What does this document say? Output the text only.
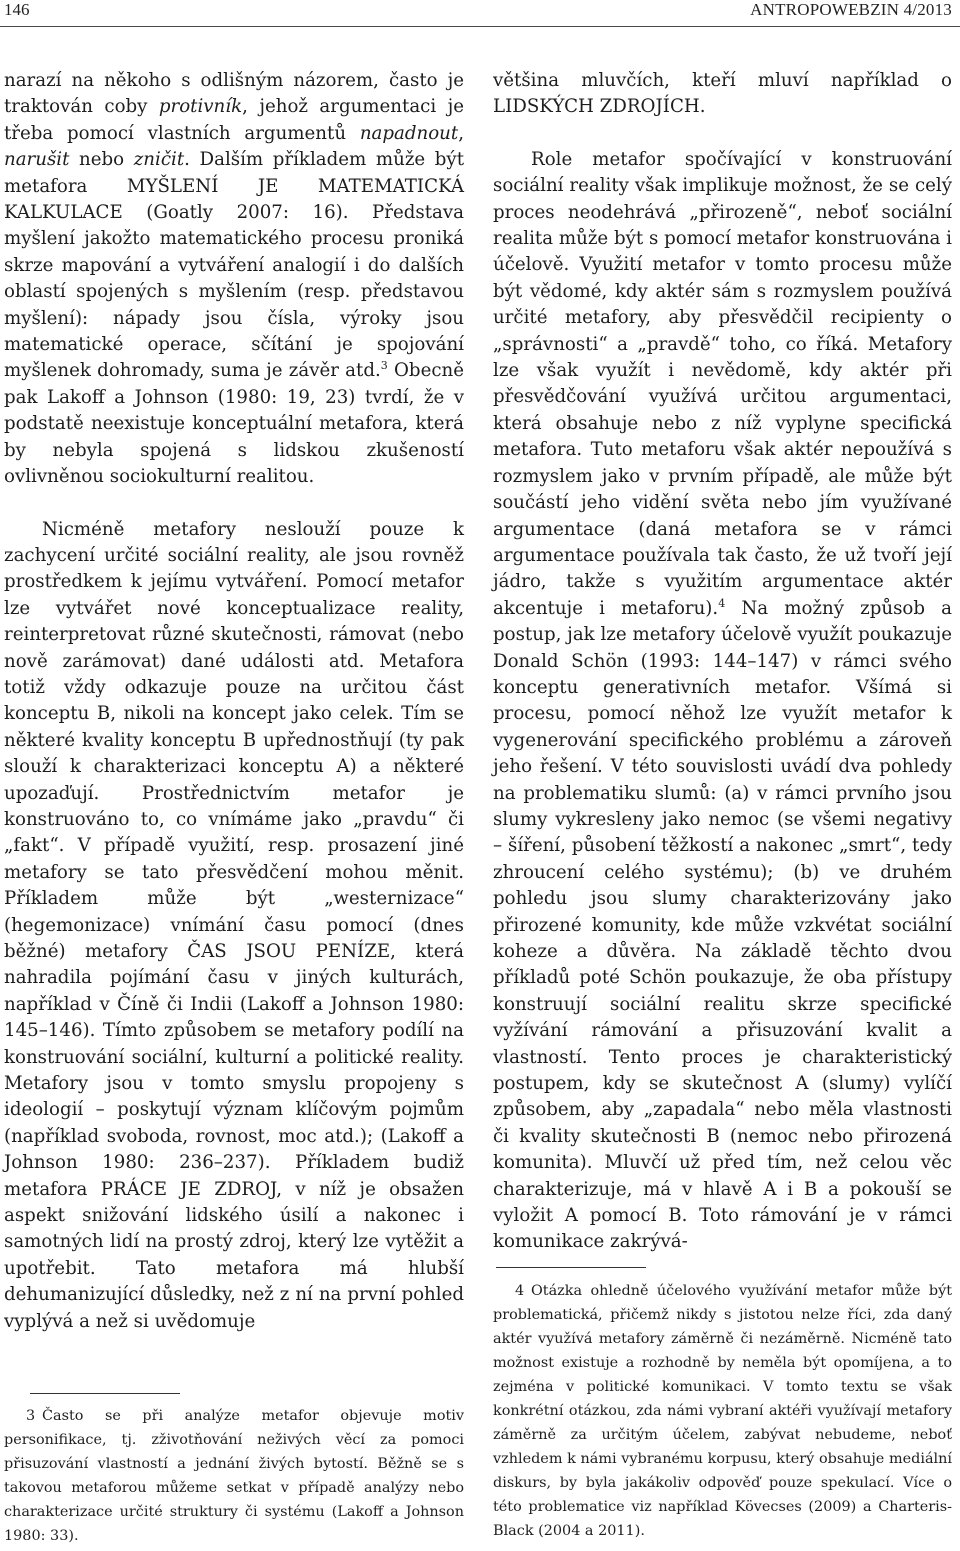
146	ANTROPOWEBZIN 4/2013

narazí na někoho s odlišným názorem, často je traktován coby protivník, jehož argumentaci je třeba pomocí vlastních argumentů napadnout, narušit nebo zničit. Dalším příkladem může být metafora MYŠLENÍ JE MATEMATICKÁ KALKULACE (Goatly 2007: 16). Představa myšlení jakožto matematického procesu proniká skrze mapování a vytváření analogií i do dalších oblastí spojených s myšlením (resp. představou myšlení): nápady jsou čísla, výroky jsou matematické operace, sčítání je spojování myšlenek dohromady, suma je závěr atd.$^3$ Obecně pak Lakoff a Johnson (1980: 19, 23) tvrdí, že v podstatě neexistuje konceptuální metafora, která by nebyla spojená s lidskou zkušeností ovlivněnou sociokulturní realitou.

Nicméně metafory neslouží pouze k zachycení určité sociální reality, ale jsou rovněž prostředkem k jejímu vytváření. Pomocí metafor lze vytvářet nové konceptualizace reality, reinterpretovat různé skutečnosti, rámovat (nebo nově zarámovat) dané události atd. Metafora totiž vždy odkazuje pouze na určitou část konceptu B, nikoli na koncept jako celek. Tím se některé kvality konceptu B upřednostňují (ty pak slouží k charakterizaci konceptu A) a některé upozaďují. Prostřednictvím metafor je konstruováno to, co vnímáme jako „pravdu“ či „fakt“. V případě využití, resp. prosazení jiné metafory se tato přesvědčení mohou měnit. Příkladem může být „westernizace“ (hegemonizace) vnímání času pomocí (dnes běžné) metafory ČAS JSOU PENÍZE, která nahradila pojímání času v jiných kulturách, například v Číně či Indii (Lakoff a Johnson 1980: 145–146). Tímto způsobem se metafory podílí na konstruování sociální, kulturní a politické reality. Metafory jsou v tomto smyslu propojeny s ideologií – poskytují význam klíčovým pojmům (například svoboda, rovnost, moc atd.); (Lakoff a Johnson 1980: 236–237). Příkladem budiž metafora PRÁCE JE ZDROJ, v níž je obsažen aspekt snižování lidského úsilí a nakonec i samotných lidí na prostý zdroj, který lze vytěžit a upotřebit. Tato metafora má hlubší dehumanizující důsledky, než z ní na první pohled vyplývá a než si uvědomuje

většina mluvčích, kteří mluví například o LIDSKÝCH ZDROJÍCH.

Role metafor spočívající v konstruování sociální reality však implikuje možnost, že se celý proces neodehrává „přirozeně“, neboť sociální realita může být s pomocí metafor konstruována i účelově. Využití metafor v tomto procesu může být vědomé, kdy aktér sám s rozmyslem používá určité metafory, aby přesvědčil recipienty o „správnosti“ a „pravdě“ toho, co říká. Metafory lze však využít i nevědomě, kdy aktér při přesvědčování využívá určitou argumentaci, která obsahuje nebo z níž vyplyne specifická metafora. Tuto metaforu však aktér nepoužívá s rozmyslem jako v prvním případě, ale může být součástí jeho vidění světa nebo jím využívané argumentace (daná metafora se v rámci argumentace používala tak často, že už tvoří její jádro, takže s využitím argumentace aktér akcentuje i metaforu).$^4$ Na možný způsob a postup, jak lze metafory účelově využít poukazuje Donald Schön (1993: 144–147) v rámci svého konceptu generativních metafor. Všímá si procesu, pomocí něhož lze využít metafor k vygenerování specifického problému a zároveň jeho řešení. V této souvislosti uvádí dva pohledy na problematiku slumů: (a) v rámci prvního jsou slumy vykresleny jako nemoc (se všemi negativy – šíření, působení těžkostí a nakonec „smrt“, tedy zhroucení celého systému); (b) ve druhém pohledu jsou slumy charakterizovány jako přirozené komunity, kde může vzkvétat sociální koheze a důvěra. Na základě těchto dvou příkladů poté Schön poukazuje, že oba přístupy konstruují sociální realitu skrze specifické vyžívání rámování a přisuzování kvalit a vlastností. Tento proces je charakteristický postupem, kdy se skutečnost A (slumy) vylíčí způsobem, aby „zapadala“ nebo měla vlastnosti či kvality skutečnosti B (nemoc nebo přirozená komunita). Mluvčí už před tím, než celou věc charakterizuje, má v hlavě A i B a pokouší se vyložit A pomocí B. Toto rámování je v rámci komunikace zakrývá-

3 Často se při analýze metafor objevuje motiv personifikace, tj. zživotňování neživých věcí za pomoci přisuzování vlastností a jednání živých bytostí. Běžně se s takovou metaforou můžeme setkat v případě analýzy nebo charakterizace určité struktury či systému (Lakoff a Johnson 1980: 33).
4 Otázka ohledně účelového využívání metafor může být problematická, přičemž nikdy s jistotou nelze říci, zda daný aktér využívá metafory záměrně či nezáměrně. Nicméně tato možnost existuje a rozhodně by neměla být opomíjena, a to zejména v politické komunikaci. V tomto textu se však konkrétní otázkou, zda námi vybraní aktéři využívají metafory záměrně za určitým účelem, zabývat nebudeme, neboť vzhledem k námi vybranému korpusu, který obsahuje mediální diskurs, by byla jakákoliv odpověď pouze spekulací. Více o této problematice viz například Kövecses (2009) a Charteris-Black (2004 a 2011).
